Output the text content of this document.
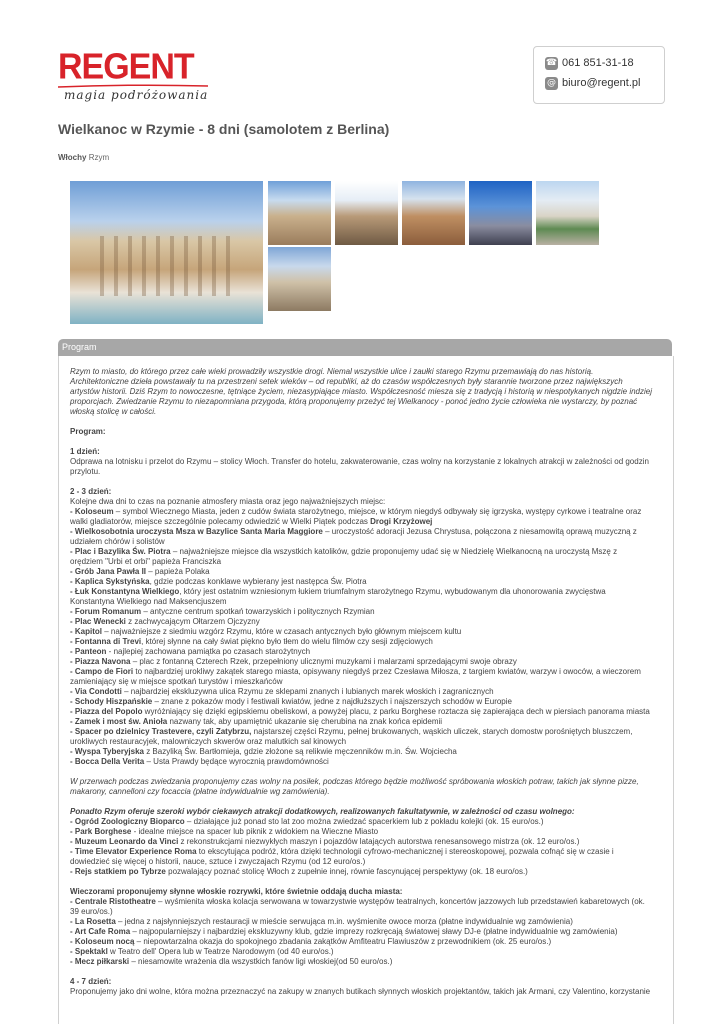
REGENT
magia podróżowania
☎ 061 851-31-18
@ biuro@regent.pl
Wielkanoc w Rzymie - 8 dni (samolotem z Berlina)
Włochy Rzym
Program

Rzym to miasto, do którego przez całe wieki prowadziły wszystkie drogi. Niemal wszystkie ulice i zaułki starego Rzymu przemawiają do nas historią. Architektoniczne dzieła powstawały tu na przestrzeni setek wieków – od republiki, aż do czasów współczesnych były starannie tworzone przez największych artystów historii. Dziś Rzym to nowoczesne, tętniące życiem, niezasypiające miasto. Współczesność miesza się z tradycją i historią w niespotykanych nigdzie indziej proporcjach. Zwiedzanie Rzymu to niezapomniana przygoda, którą proponujemy przeżyć tej Wielkanocy - ponoć jedno życie człowieka nie wystarczy, by poznać włoską stolicę w całości.

Program:

1 dzień:

Odprawa na lotnisku i przelot do Rzymu – stolicy Włoch. Transfer do hotelu, zakwaterowanie, czas wolny na korzystanie z lokalnych atrakcji w zależności od godzin przylotu.

2 - 3 dzień:

Kolejne dwa dni to czas na poznanie atmosfery miasta oraz jego najważniejszych miejsc:

- Koloseum – symbol Wiecznego Miasta, jeden z cudów świata starożytnego, miejsce, w którym niegdyś odbywały się igrzyska, występy cyrkowe i teatralne oraz walki gladiatorów, miejsce szczególnie polecamy odwiedzić w Wielki Piątek podczas Drogi Krzyżowej

- Wielkosobotnia uroczysta Msza w Bazylice Santa Maria Maggiore – uroczystość adoracji Jezusa Chrystusa, połączona z niesamowitą oprawą muzyczną z udziałem chórów i solistów

- Plac i Bazylika Św. Piotra – najważniejsze miejsce dla wszystkich katolików, gdzie proponujemy udać się w Niedzielę Wielkanocną na uroczystą Mszę z orędziem "Urbi et orbi" papieża Franciszka

- Grób Jana Pawła II – papieża Polaka

- Kaplica Sykstyńska, gdzie podczas konklawe wybierany jest następca Św. Piotra

- Łuk Konstantyna Wielkiego, który jest ostatnim wzniesionym łukiem triumfalnym starożytnego Rzymu, wybudowanym dla uhonorowania zwycięstwa Konstantyna Wielkiego nad Maksencjuszem

- Forum Romanum – antyczne centrum spotkań towarzyskich i politycznych Rzymian

- Plac Wenecki z zachwycającym Ołtarzem Ojczyzny

- Kapitol – najważniejsze z siedmiu wzgórz Rzymu, które w czasach antycznych było głównym miejscem kultu

- Fontanna di Trevi, której słynne na cały świat piękno było tłem do wielu filmów czy sesji zdjęciowych

- Panteon - najlepiej zachowana pamiątka po czasach starożytnych

- Piazza Navona – plac z fontanną Czterech Rzek, przepełniony ulicznymi muzykami i malarzami sprzedającymi swoje obrazy

- Campo de Fiori to najbardziej urokliwy zakątek starego miasta, opisywany niegdyś przez Czesława Miłosza, z targiem kwiatów, warzyw i owoców, a wieczorem zamieniający się w miejsce spotkań turystów i mieszkańców

- Via Condotti – najbardziej ekskluzywna ulica Rzymu ze sklepami znanych i lubianych marek włoskich i zagranicznych

- Schody Hiszpańskie – znane z pokazów mody i festiwali kwiatów, jedne z najdłuższych i najszerszych schodów w Europie

- Piazza del Popolo wyróżniający się dzięki egipskiemu obeliskowi, a powyżej placu, z parku Borghese roztacza się zapierająca dech w piersiach panorama miasta

- Zamek i most św. Anioła nazwany tak, aby upamiętnić ukazanie się cherubina na znak końca epidemii

- Spacer po dzielnicy Trastevere, czyli Zatybrzu, najstarszej części Rzymu, pełnej brukowanych, wąskich uliczek, starych domostw porośniętych bluszczem, urokliwych restauracyjek, malowniczych skwerów oraz malutkich sal kinowych

- Wyspa Tyberyjska z Bazyliką Św. Bartłomieja, gdzie złożone są relikwie męczenników m.in. Św. Wojciecha

- Bocca Della Verita – Usta Prawdy będące wyrocznią prawdomówności

W przerwach podczas zwiedzania proponujemy czas wolny na posiłek, podczas którego będzie możliwość spróbowania włoskich potraw, takich jak słynne pizze, makarony, cannelloni czy focaccia (płatne indywidualnie wg zamówienia).

Ponadto Rzym oferuje szeroki wybór ciekawych atrakcji dodatkowych, realizowanych fakultatywnie, w zależności od czasu wolnego:

- Ogród Zoologiczny Bioparco – działające już ponad sto lat zoo można zwiedzać spacerkiem lub z pokładu kolejki (ok. 15 euro/os.)

- Park Borghese - idealne miejsce na spacer lub piknik z widokiem na Wieczne Miasto

- Muzeum Leonardo da Vinci z rekonstrukcjami niezwykłych maszyn i pojazdów latających autorstwa renesansowego mistrza (ok. 12 euro/os.)

- Time Elevator Experience Roma to ekscytująca podróż, która dzięki technologii cyfrowo-mechanicznej i stereoskopowej, pozwala cofnąć się w czasie i dowiedzieć się więcej o historii, nauce, sztuce i zwyczajach Rzymu (od 12 euro/os.)

- Rejs statkiem po Tybrze pozwalający poznać stolicę Włoch z zupełnie innej, równie fascynującej perspektywy (ok. 18 euro/os.)

Wieczorami proponujemy słynne włoskie rozrywki, które świetnie oddają ducha miasta:

- Centrale Ristotheatre – wyśmienita włoska kolacja serwowana w towarzystwie występów teatralnych, koncertów jazzowych lub przedstawień kabaretowych (ok. 39 euro/os.)

- La Rosetta – jedna z najsłynniejszych restauracji w mieście serwująca m.in. wyśmienite owoce morza (płatne indywidualnie wg zamówienia)

- Art Cafe Roma – najpopularniejszy i najbardziej ekskluzywny klub, gdzie imprezy rozkręcają światowej sławy DJ-e (płatne indywidualnie wg zamówienia)

- Koloseum nocą – niepowtarzalna okazja do spokojnego zbadania zakątków Amfiteatru Flawiuszów z przewodnikiem (ok. 25 euro/os.)

- Spektakl w Teatro dell' Opera lub w Teatrze Narodowym (od 40 euro/os.)

- Mecz piłkarski – niesamowite wrażenia dla wszystkich fanów ligi włoskiej(od 50 euro/os.)

4 - 7 dzień:

Proponujemy jako dni wolne, która można przeznaczyć na zakupy w znanych butikach słynnych włoskich projektantów, takich jak Armani, czy Valentino, korzystanie
